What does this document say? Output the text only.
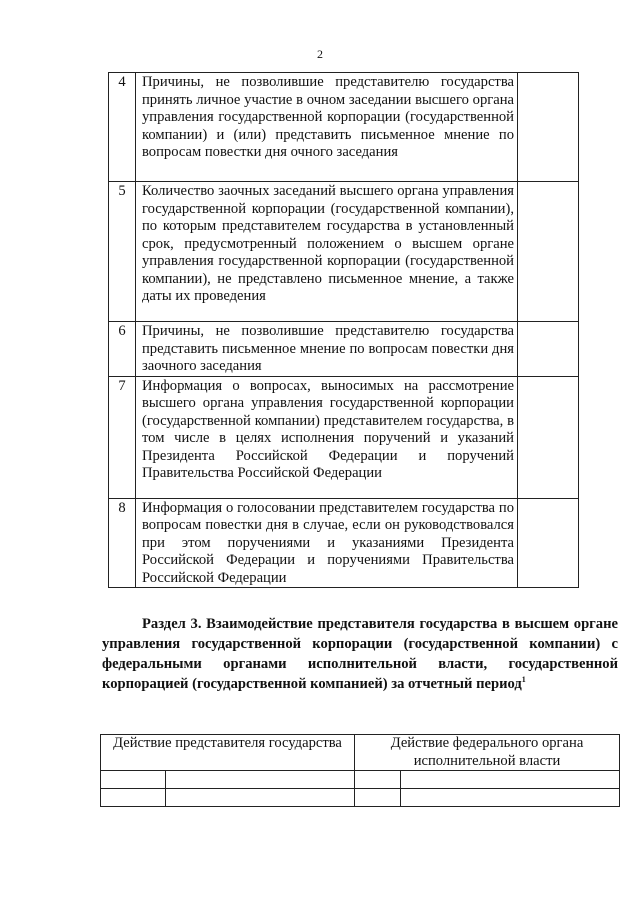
2
4	Причины, не позволившие представителю государства принять личное участие в очном заседании высшего органа управления государственной корпорации (государственной компании) и (или) представить письменное мнение по вопросам повестки дня очного заседания	
5	Количество заочных заседаний высшего органа управления государственной корпорации (государственной компании), по которым представителем государства в установленный срок, предусмотренный положением о высшем органе управления государственной корпорации (государственной компании), не представлено письменное мнение, а также даты их проведения	
6	Причины, не позволившие представителю государства представить письменное мнение по вопросам повестки дня заочного заседания	
7	Информация о вопросах, выносимых на рассмотрение высшего органа управления государственной корпорации (государственной компании) представителем государства, в том числе в целях исполнения поручений и указаний Президента Российской Федерации и поручений Правительства Российской Федерации	
8	Информация о голосовании представителем государства по вопросам повестки дня в случае, если он руководствовался при этом поручениями и указаниями Президента Российской Федерации и поручениями Правительства Российской Федерации	
Раздел 3. Взаимодействие представителя государства в высшем органе управления государственной корпорации (государственной компании) с федеральными органами исполнительной власти, государственной корпорацией (государственной компанией) за отчетный период$^1$
Действие представителя государства		Действие федерального органа исполнительной власти	
